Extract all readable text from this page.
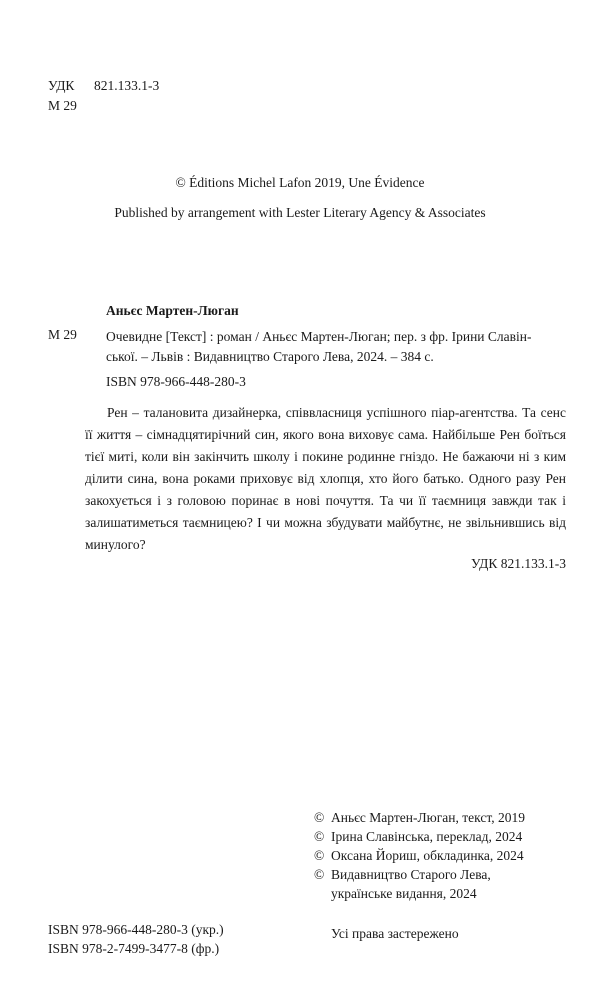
УДК	821.133.1-3
М 29
© Éditions Michel Lafon 2019, Une Évidence
Published by arrangement with Lester Literary Agency & Associates
Аньєс Мартен-Люган
М 29 Очевидне [Текст] : роман / Аньєс Мартен-Люган; пер. з фр. Ірини Славін-
ської. – Львів : Видавництво Старого Лева, 2024. – 384 с.
ISBN 978-966-448-280-3
Рен – талановита дизайнерка, співвласниця успішного піар-агентства. Та сенс її життя – сімнадцятирічний син, якого вона виховує сама. Найбільше Рен боїться тієї миті, коли він закінчить школу і покине родинне гніздо. Не бажаючи ні з ким ділити сина, вона роками приховує від хлопця, хто його батько. Одного разу Рен закохується і з головою поринає в нові почуття. Та чи її таємниця завжди так і залишатиметься таємницею? І чи можна збудувати майбутнє, не звільнившись від минулого?
УДК 821.133.1-3
© Аньєс Мартен-Люган, текст, 2019
© Ірина Славінська, переклад, 2024
© Оксана Йориш, обкладинка, 2024
© Видавництво Старого Лева,
українське видання, 2024
ISBN 978-966-448-280-3 (укр.)
ISBN 978-2-7499-3477-8 (фр.)
Усі права застережено
